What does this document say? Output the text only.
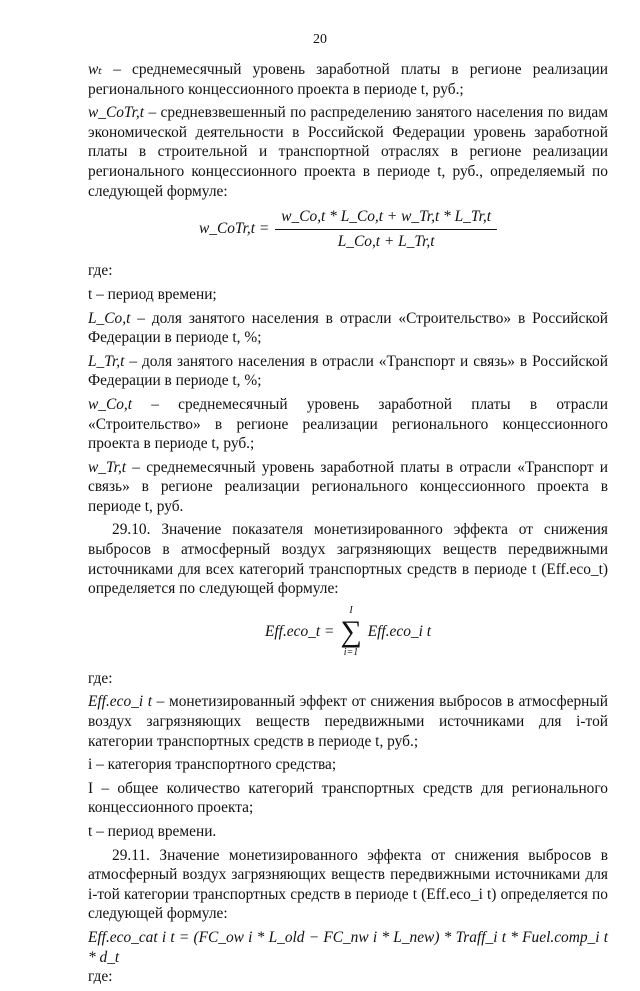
20

wₜ – среднемесячный уровень заработной платы в регионе реализации регионального концессионного проекта в периоде t, руб.;

w_CoTr,t – средневзвешенный по распределению занятого населения по видам экономической деятельности в Российской Федерации уровень заработной платы в строительной и транспортной отраслях в регионе реализации регионального концессионного проекта в периоде t, руб., определяемый по следующей формуле:

w_CoTr,t = $\frac{w\_Co,t * L\_Co,t + w\_Tr,t * L\_Tr,t}{L\_Co,t + L\_Tr,t}$

где:

t – период времени;

L_Co,t – доля занятого населения в отрасли «Строительство» в Российской Федерации в периоде t, %;

L_Tr,t – доля занятого населения в отрасли «Транспорт и связь» в Российской Федерации в периоде t, %;

w_Co,t – среднемесячный уровень заработной платы в отрасли «Строительство» в регионе реализации регионального концессионного проекта в периоде t, руб.;

w_Tr,t – среднемесячный уровень заработной платы в отрасли «Транспорт и связь» в регионе реализации регионального концессионного проекта в периоде t, руб.

29.10. Значение показателя монетизированного эффекта от снижения выбросов в атмосферный воздух загрязняющих веществ передвижными источниками для всех категорий транспортных средств в периоде t (Eff.eco_t) определяется по следующей формуле:

Eff.eco_t =
I
∑
i=1
Eff.eco_i t

где:

Eff.eco_i t – монетизированный эффект от снижения выбросов в атмосферный воздух загрязняющих веществ передвижными источниками для i-той категории транспортных средств в периоде t, руб.;

i – категория транспортного средства;

I – общее количество категорий транспортных средств для регионального концессионного проекта;

t – период времени.

29.11. Значение монетизированного эффекта от снижения выбросов в атмосферный воздух загрязняющих веществ передвижными источниками для i-той категории транспортных средств в периоде t (Eff.eco_i t) определяется по следующей формуле:

Eff.eco_cat i t = (FC_ow i * L_old − FC_nw i * L_new) * Traff_i t * Fuel.comp_i t * d_t

где:
